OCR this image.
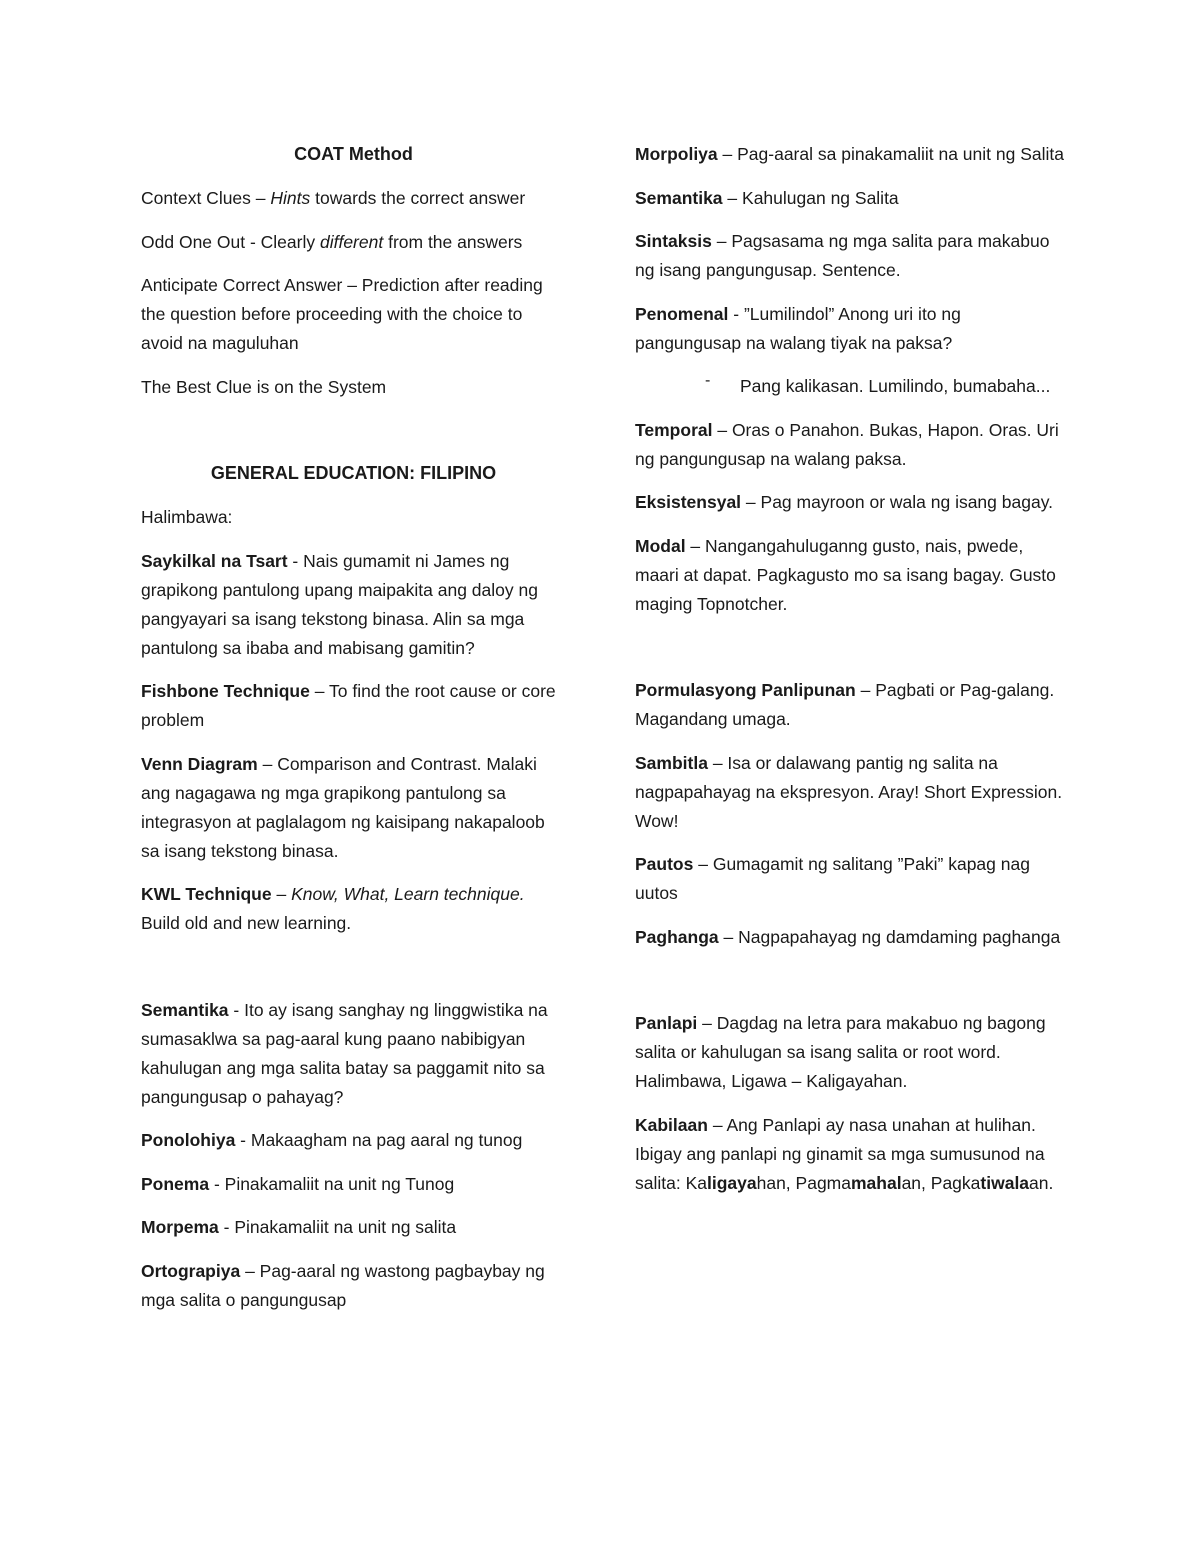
COAT Method

Context Clues – Hints towards the correct answer

Odd One Out - Clearly different from the answers

Anticipate Correct Answer – Prediction after reading the question before proceeding with the choice to avoid na maguluhan

The Best Clue is on the System

GENERAL EDUCATION: FILIPINO

Halimbawa:

Saykilkal na Tsart - Nais gumamit ni James ng grapikong pantulong upang maipakita ang daloy ng pangyayari sa isang tekstong binasa. Alin sa mga pantulong sa ibaba and mabisang gamitin?

Fishbone Technique – To find the root cause or core problem

Venn Diagram – Comparison and Contrast. Malaki ang nagagawa ng mga grapikong pantulong sa integrasyon at paglalagom ng kaisipang nakapaloob sa isang tekstong binasa.

KWL Technique – Know, What, Learn technique. Build old and new learning.

Semantika - Ito ay isang sanghay ng linggwistika na sumasaklwa sa pag-aaral kung paano nabibigyan kahulugan ang mga salita batay sa paggamit nito sa pangungusap o pahayag?

Ponolohiya - Makaagham na pag aaral ng tunog

Ponema - Pinakamaliit na unit ng Tunog

Morpema - Pinakamaliit na unit ng salita

Ortograpiya – Pag-aaral ng wastong pagbaybay ng mga salita o pangungusap

Morpoliya – Pag-aaral sa pinakamaliit na unit ng Salita

Semantika – Kahulugan ng Salita

Sintaksis – Pagsasama ng mga salita para makabuo ng isang pangungusap. Sentence.

Penomenal - ”Lumilindol” Anong uri ito ng pangungusap na walang tiyak na paksa?

-	Pang kalikasan. Lumilindo, bumabaha...

Temporal – Oras o Panahon. Bukas, Hapon. Oras. Uri ng pangungusap na walang paksa.

Eksistensyal – Pag mayroon or wala ng isang bagay.

Modal – Nangangahuluganng gusto, nais, pwede, maari at dapat. Pagkagusto mo sa isang bagay. Gusto maging Topnotcher.

Pormulasyong Panlipunan – Pagbati or Pag-galang. Magandang umaga.

Sambitla – Isa or dalawang pantig ng salita na nagpapahayag na ekspresyon. Aray! Short Expression. Wow!

Pautos – Gumagamit ng salitang ”Paki” kapag nag uutos

Paghanga – Nagpapahayag ng damdaming paghanga

Panlapi – Dagdag na letra para makabuo ng bagong salita or kahulugan sa isang salita or root word. Halimbawa, Ligawa – Kaligayahan.

Kabilaan – Ang Panlapi ay nasa unahan at hulihan. Ibigay ang panlapi ng ginamit sa mga sumusunod na salita: Kaligayahan, Pagmamahalan, Pagkatiwalaan.
